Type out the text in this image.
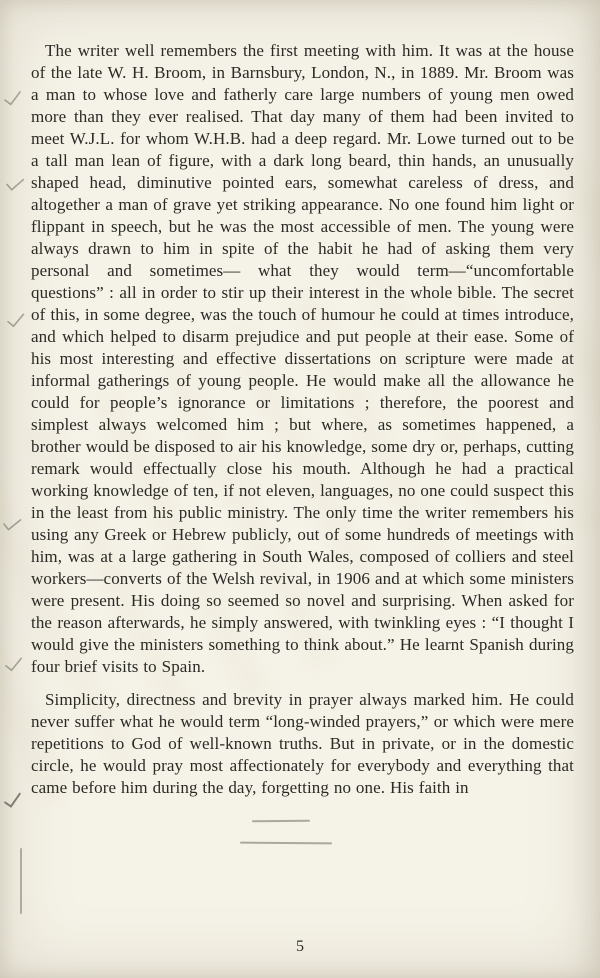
The writer well remembers the first meeting with him. It was at the house of the late W. H. Broom, in Barnsbury, London, N., in 1889. Mr. Broom was a man to whose love and fatherly care large numbers of young men owed more than they ever realised. That day many of them had been invited to meet W.J.L. for whom W.H.B. had a deep regard. Mr. Lowe turned out to be a tall man lean of figure, with a dark long beard, thin hands, an unusually shaped head, diminutive pointed ears, somewhat careless of dress, and altogether a man of grave yet striking appearance. No one found him light or flippant in speech, but he was the most accessible of men. The young were always drawn to him in spite of the habit he had of asking them very personal and sometimes— what they would term—“uncomfortable questions” : all in order to stir up their interest in the whole bible. The secret of this, in some degree, was the touch of humour he could at times introduce, and which helped to disarm prejudice and put people at their ease. Some of his most interesting and effective dissertations on scripture were made at informal gatherings of young people. He would make all the allowance he could for people’s ignorance or limitations ; therefore, the poorest and simplest always welcomed him ; but where, as sometimes happened, a brother would be disposed to air his knowledge, some dry or, perhaps, cutting remark would effectually close his mouth. Although he had a practical working knowledge of ten, if not eleven, languages, no one could suspect this in the least from his public ministry. The only time the writer remembers his using any Greek or Hebrew publicly, out of some hundreds of meetings with him, was at a large gathering in South Wales, composed of colliers and steel workers—converts of the Welsh revival, in 1906 and at which some ministers were present. His doing so seemed so novel and surprising. When asked for the reason afterwards, he simply answered, with twinkling eyes : “I thought I would give the ministers something to think about.” He learnt Spanish during four brief visits to Spain.

Simplicity, directness and brevity in prayer always marked him. He could never suffer what he would term “long-winded prayers,” or which were mere repetitions to God of well-known truths. But in private, or in the domestic circle, he would pray most affectionately for everybody and everything that came before him during the day, forgetting no one. His faith in

5
